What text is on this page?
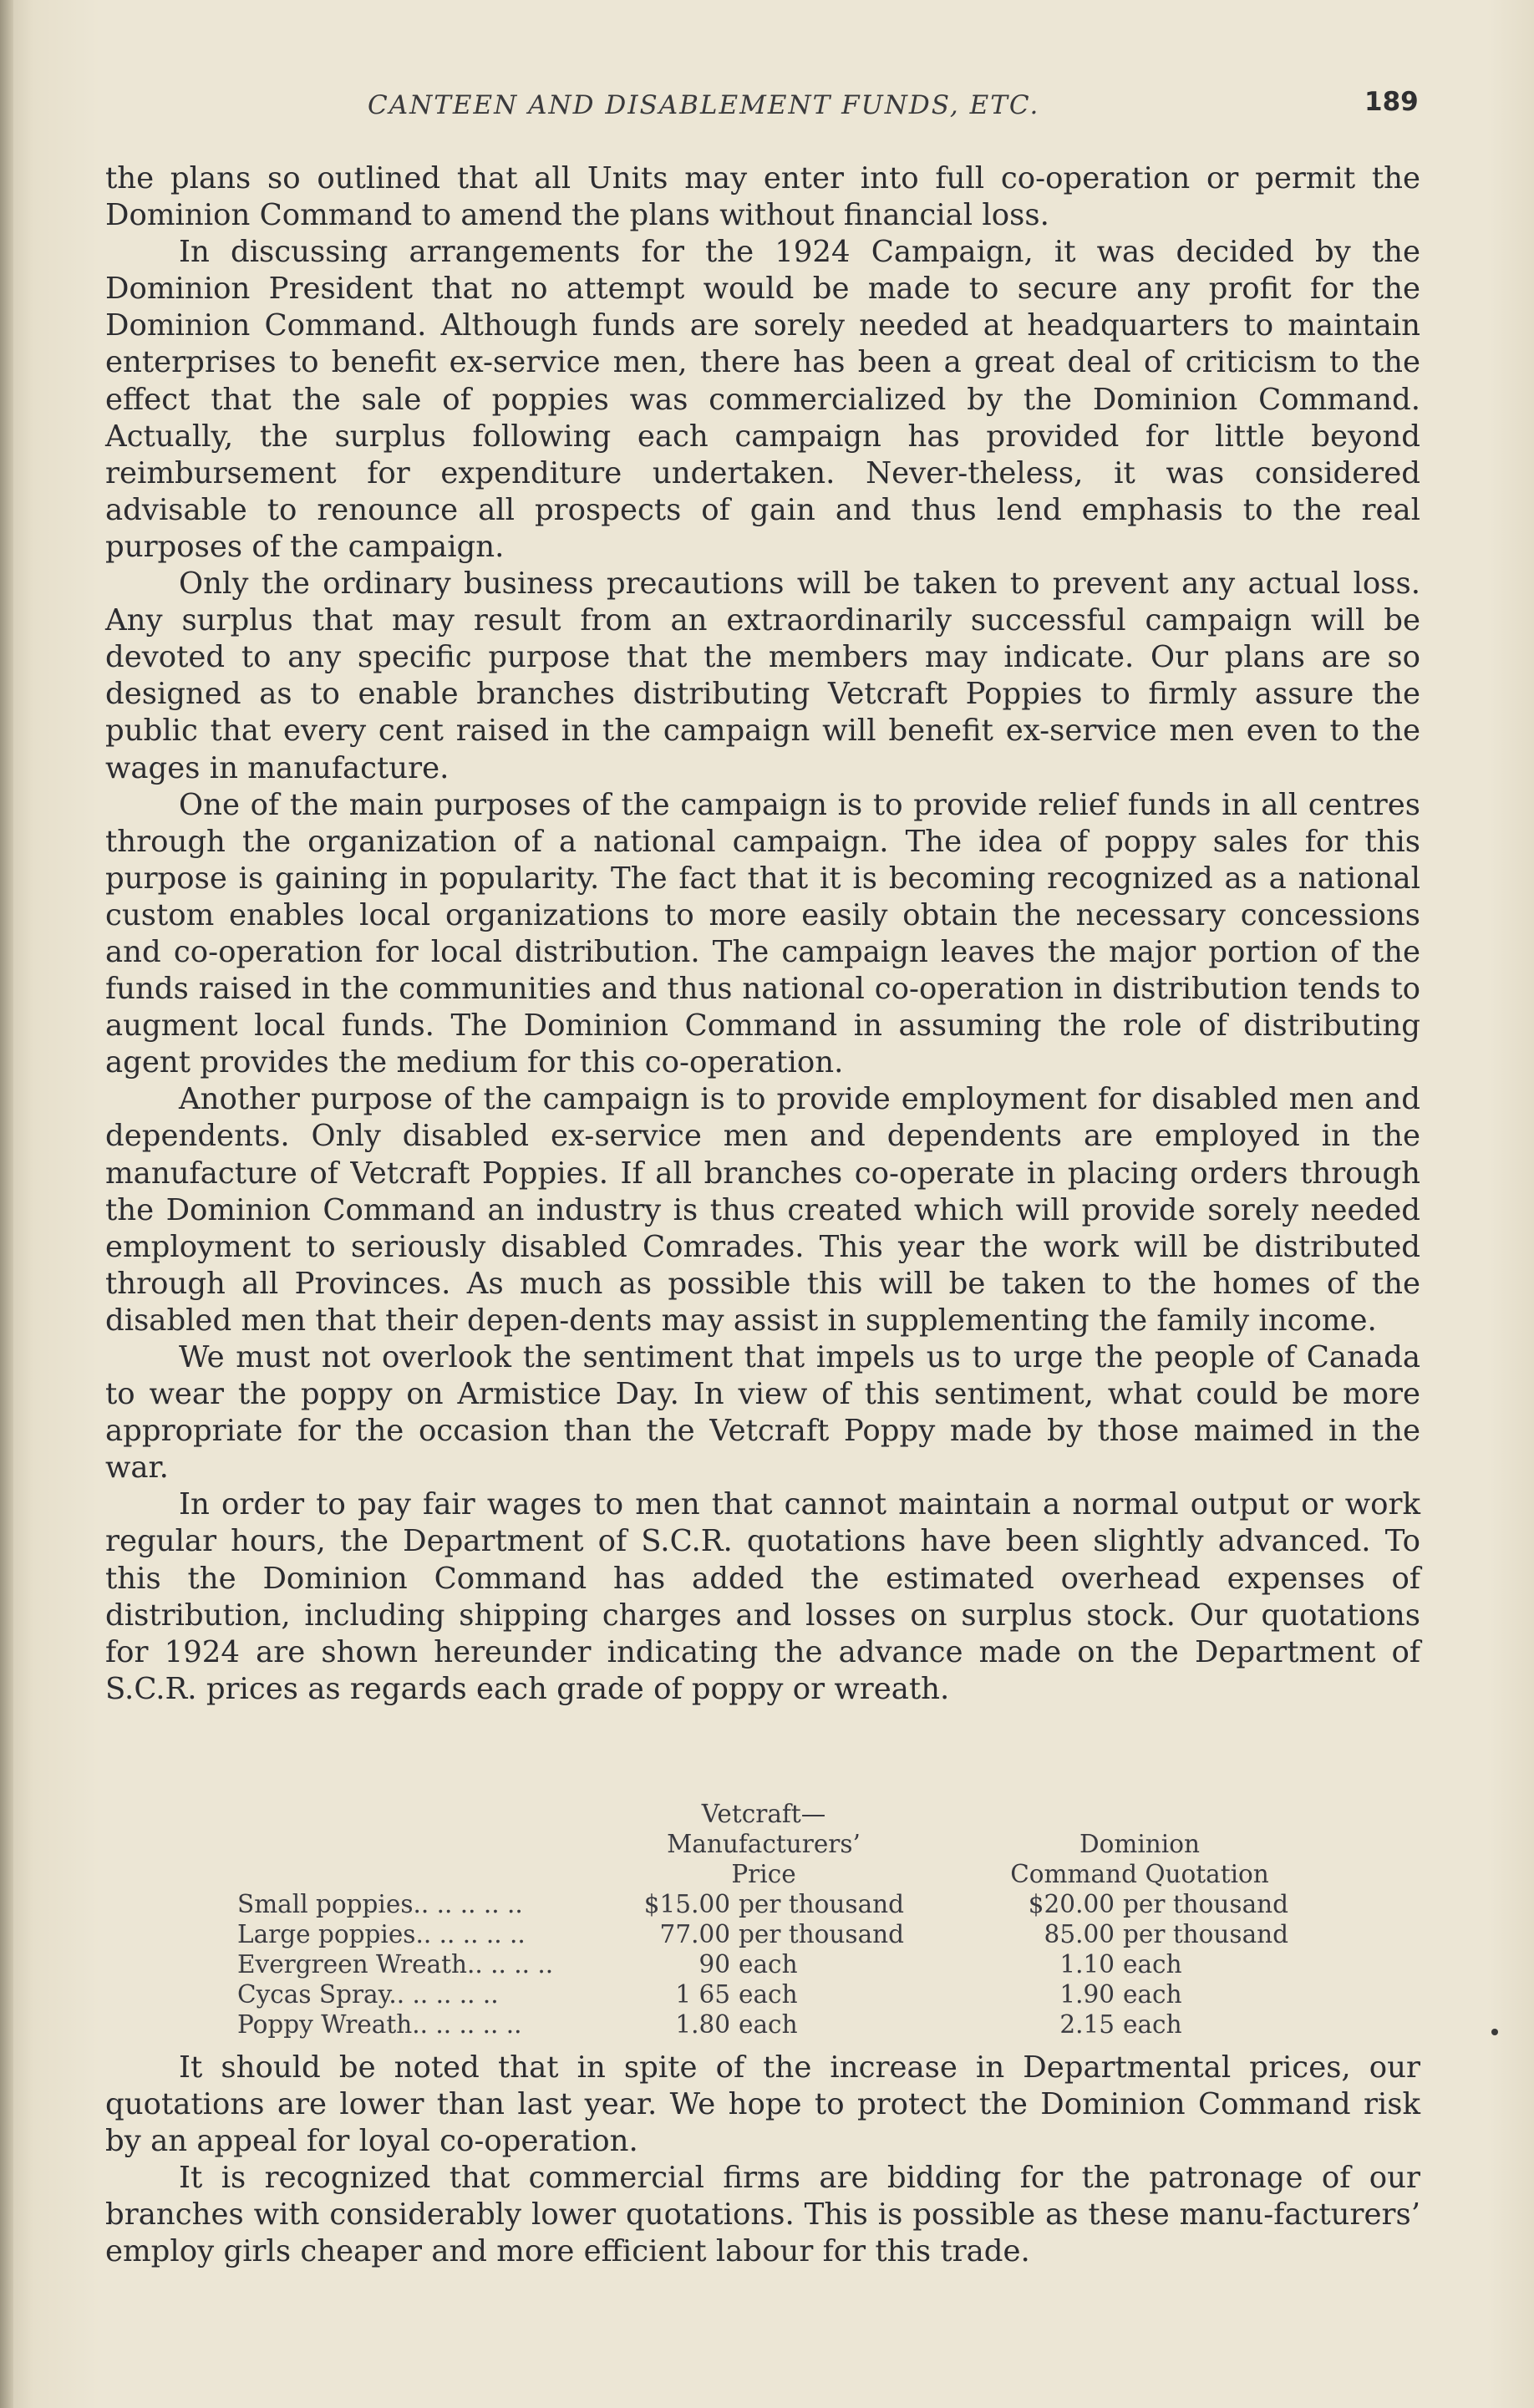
CANTEEN AND DISABLEMENT FUNDS, ETC.	189

the plans so outlined that all Units may enter into full co-operation or permit the Dominion Command to amend the plans without financial loss.

In discussing arrangements for the 1924 Campaign, it was decided by the Dominion President that no attempt would be made to secure any profit for the Dominion Command. Although funds are sorely needed at headquarters to maintain enterprises to benefit ex-service men, there has been a great deal of criticism to the effect that the sale of poppies was commercialized by the Dominion Command. Actually, the surplus following each campaign has provided for little beyond reimbursement for expenditure undertaken. Never-theless, it was considered advisable to renounce all prospects of gain and thus lend emphasis to the real purposes of the campaign.

Only the ordinary business precautions will be taken to prevent any actual loss. Any surplus that may result from an extraordinarily successful campaign will be devoted to any specific purpose that the members may indicate. Our plans are so designed as to enable branches distributing Vetcraft Poppies to firmly assure the public that every cent raised in the campaign will benefit ex-service men even to the wages in manufacture.

One of the main purposes of the campaign is to provide relief funds in all centres through the organization of a national campaign. The idea of poppy sales for this purpose is gaining in popularity. The fact that it is becoming recognized as a national custom enables local organizations to more easily obtain the necessary concessions and co-operation for local distribution. The campaign leaves the major portion of the funds raised in the communities and thus national co-operation in distribution tends to augment local funds. The Dominion Command in assuming the role of distributing agent provides the medium for this co-operation.

Another purpose of the campaign is to provide employment for disabled men and dependents. Only disabled ex-service men and dependents are employed in the manufacture of Vetcraft Poppies. If all branches co-operate in placing orders through the Dominion Command an industry is thus created which will provide sorely needed employment to seriously disabled Comrades. This year the work will be distributed through all Provinces. As much as possible this will be taken to the homes of the disabled men that their depen-dents may assist in supplementing the family income.

We must not overlook the sentiment that impels us to urge the people of Canada to wear the poppy on Armistice Day. In view of this sentiment, what could be more appropriate for the occasion than the Vetcraft Poppy made by those maimed in the war.

In order to pay fair wages to men that cannot maintain a normal output or work regular hours, the Department of S.C.R. quotations have been slightly advanced. To this the Dominion Command has added the estimated overhead expenses of distribution, including shipping charges and losses on surplus stock. Our quotations for 1924 are shown hereunder indicating the advance made on the Department of S.C.R. prices as regards each grade of poppy or wreath.

Vetcraft—
Manufacturers’
Price
Dominion
Command Quotation
Small poppies.. .. .. .. ..	$15.00 per thousand	$20.00 per thousand
Large poppies.. .. .. .. ..	77.00 per thousand	85.00 per thousand
Evergreen Wreath.. .. .. ..	90 each	1.10 each
Cycas Spray.. .. .. .. ..	1 65 each	1.90 each
Poppy Wreath.. .. .. .. ..	1.80 each	2.15 each

It should be noted that in spite of the increase in Departmental prices, our quotations are lower than last year. We hope to protect the Dominion Command risk by an appeal for loyal co-operation.

It is recognized that commercial firms are bidding for the patronage of our branches with considerably lower quotations. This is possible as these manu-facturers’ employ girls cheaper and more efficient labour for this trade.
